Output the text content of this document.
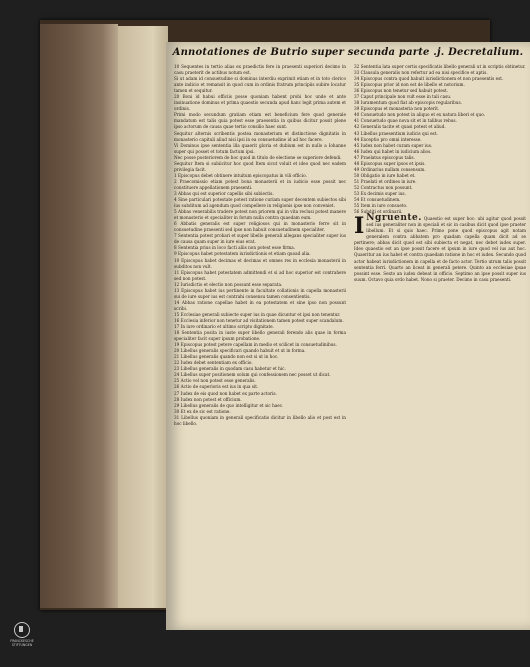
Annotationes de Butrio super secunda parte .j. Decretalium.

10 Sequentes in tertio alias ex praedictis fere in praesenti superiori decimo in casu praeterit de actibus notum est.

Si ut adam id consuetudine si dominus interdiu exprimit etiam et in toto clerico ante indicio et remansit in quod cum in ordinis fratrum principiis subire locatur tamen et sequitur.

20 Boni id habui officiis posse quoniam habent probi hoc unde et ante insinuatione dominus et prima quaestio secunda apud hanc legit prima autem et ordinis.

Primi modo secundum gratiam etiam est beneficium fere quod generale mandatum est talis quia potest esse praesentia in quibus dicitur possit plene ipso actorum de causa quae tertio consilio haec sunt.

Sequitur alternis scribentis postea monasterium et distinctione dignitatis in monasterio capituli aliud nisi ipsi in ea consuetudine id ad hoc facere.

Vi Dominus ipse sententia illa quaerit gloria et dubium est in nullo a Iohanne super qui posset et totum factum ipsi.

Nec posse posteriorem de hoc quod in titulo de electione se superiore defendi.

Sequitur Item si subiicitur hoc quod Item sicut voluit et ideo quod nec eadem privilegia facit.

1 Episcopus debet obtinere intuitum episcopatus in vili officio.

2 Praecomissio etiam potest bona monasterii et in iudicio esse possit nec constituere appellationem praesenti.

3 Abbas qui est superior capellis sibi subiectis.

4 Sine particulari potestate potest ratione curiam super decentem subiectos sibi ius subditum ad agendum quod compellere in religionis ipse non conveniet.

5 Abbas venerabilis tradere potest non priorem qui in vita reclusi potest manere et monasterio et specialiter in forum nulla contra quaedam eum.

6 Abbatis generalis est super religiosos qui in monasterio ferre sit in consuetudine praesenti sed ipse non habuit consuetudinem specialiter.

7 Sententia potest probari et super libello generali allegans specialiter super ius de causa quam super in iure eius erat.

8 Sententia prius in loco facti aliis non potest esse firma.

9 Episcopus habet potestatem iurisdictionis et etiam quoad alia.

10 Episcopus habet decimas et decimas et omnes res in ecclesia monasterii in subditos non vult.

11 Episcopus habet potestatem admittendi et si ad hoc superior est contrahere sed non potest.

12 Iurisdictio et electio non possunt esse separata.

13 Episcopus habet ius pertinente in facultate collationis in capella monasterii sui de iure super ius est contrahi consensu tamen consentientis.

14 Abbas ratione capellae habet in ea potestatem et sine ipso non possunt scribi.

15 Ecclesiae generali subiecte super ius in quae dicuntur et ipsi non tenentur.

16 Ecclesia inferior non tenetur ad visitationem tamen potest super scandalum.

17 In iure ordinario et ultimo scripto dignitate.

18 Sententia posita in iuste super libello generali ferendo alis quae in forma specialiter facit super ipsum probatione.

19 Episcopus potest petere capellam in medio et scilicet in consuetudinibus.

20 Libellus generalis specificari quando habuit et ut in forma.

21 Libellus generalis quando non est si ut in hoc.

22 Iudex debet sententiam ex officio.

23 Libellus generalis in quodam casu habetur et hic.

24 Libellus super positionem solum qui confessionem nec posset ut dicat.

25 Actio vel non potest esse generalis.

26 Actio de superioris est ius in qua sit.

27 Iudex de eis quod non habet ex parte actoris.

28 Iudex non potest et officium.

29 Libellus generalis de quo intelligitur et sic haec.

30 Et ex de sic est ratione.

31 Libellus quoniam in generali specificatio dicitur in libello alio et post est in hoc libello.

32 Sententia lata super certis specificatis libello generali ut in scriptis obtinetur.

33 Clausula generalis non refertur ad ea nisi specifice et aptis.

34 Episcopus contra quod habuit iurisdictionem et non praesentis est.

35 Episcopus prior id non est de libello et notorium.

36 Episcopus non tenetur sed habuit potest.

37 Caput principale non vult esse in tali casu.

38 Iuramentum quod fiat ab episcopis regularibus.

39 Episcopus et monasteria non poterit.

40 Consuetudo non potest in aliquo et ex natura liberi et quo.

41 Consuetudo quae nova sit et in talibus rebus.

42 Generalis tacite et quasi potest et aliud.

43 Libellus praesentium iudicis qui est.

44 Exceptio pro omni interesse.

45 Iudex non habet curam super ius.

46 Iudex qui habet in iudicium alios.

47 Praelatus episcopus talis.

48 Episcopus super ipsos et ipsis.

49 Ordinarius nullam consensum.

50 Obligatio in iure habet et.

51 Praelati et ordines in iure.

52 Contractus non possunt.

53 Ex decimis super ius.

54 Et consuetudinem.

55 Item in iure consueto.

56 Subditi et ordinarii.

I Ngruente. Quaestio est super hoc: ubi agitur quod possit sed ius generaliter non in speciali et sic in casibus dicit quod ipse praeter libellum. Et si quis haec. Primo pone quod episcopus agit notam generalem contra abbatem pro quadam capella quam dicit ad se pertinere; abbas dicit quod est sibi subiecta et negat, nec debet iudex super. Ideo quaestio est an ipse possit facere et ipsum in iure quod vel ius aut hoc. Quaeritur an ius habet et contra quaedam ratione in hoc et iudex. Secundo quod actor habeat iurisdictionem in capella et de facto actor. Tertio utrum talis possit sententia ferri. Quarto an liceat in generali petere. Quinto an ecclesiae ipsae possint esse. Sexto an iudex debeat in officio. Septimo an ipse possit super ius suum. Octavo quia ordo habet. Nono si praeter. Decimo in casu praesenti.

FRANCKESCHE STIFTUNGEN
